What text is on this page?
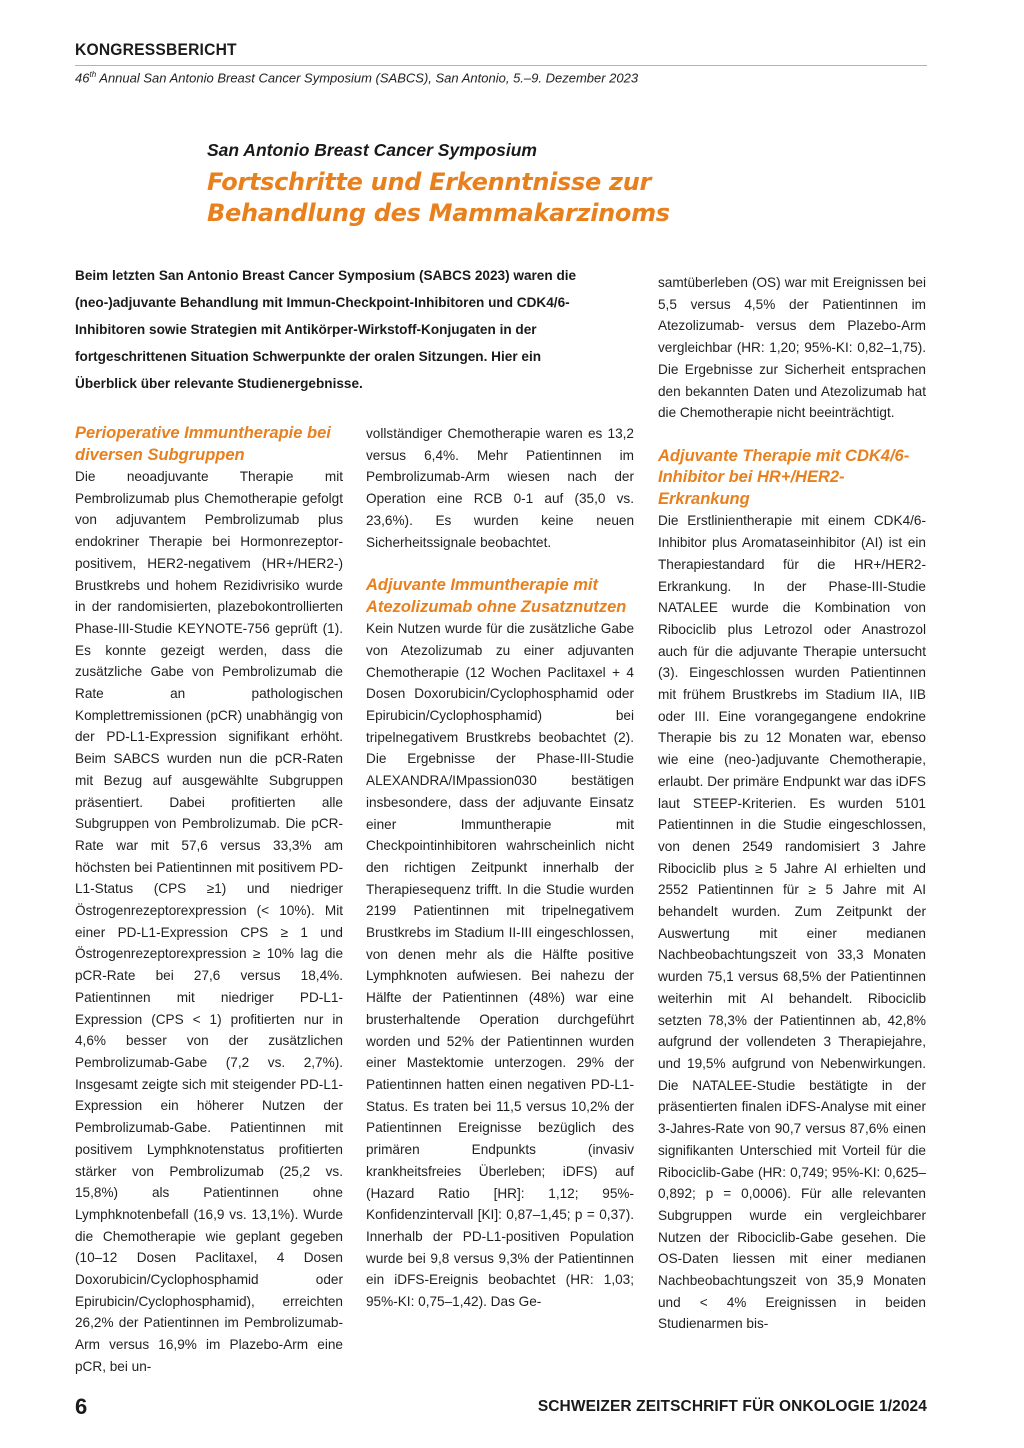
KONGRESSBERICHT
46th Annual San Antonio Breast Cancer Symposium (SABCS), San Antonio, 5.–9. Dezember 2023
San Antonio Breast Cancer Symposium
Fortschritte und Erkenntnisse zur Behandlung des Mammakarzinoms
Beim letzten San Antonio Breast Cancer Symposium (SABCS 2023) waren die (neo-)adjuvante Behandlung mit Immun-Checkpoint-Inhibitoren und CDK4/6-Inhibitoren sowie Strategien mit Antikörper-Wirkstoff-Konjugaten in der fortgeschrittenen Situation Schwerpunkte der oralen Sitzungen. Hier ein Überblick über relevante Studienergebnisse.
Perioperative Immuntherapie bei diversen Subgruppen

Die neoadjuvante Therapie mit Pembrolizumab plus Chemotherapie gefolgt von adjuvantem Pembrolizumab plus endokriner Therapie bei Hormonrezeptor-positivem, HER2-negativem (HR+/HER2-) Brustkrebs und hohem Rezidivrisiko wurde in der randomisierten, plazebokontrollierten Phase-III-Studie KEYNOTE-756 geprüft (1). Es konnte gezeigt werden, dass die zusätzliche Gabe von Pembrolizumab die Rate an pathologischen Komplettremissionen (pCR) unabhängig von der PD-L1-Expression signifikant erhöht. Beim SABCS wurden nun die pCR-Raten mit Bezug auf ausgewählte Subgruppen präsentiert. Dabei profitierten alle Subgruppen von Pembrolizumab. Die pCR-Rate war mit 57,6 versus 33,3% am höchsten bei Patientinnen mit positivem PD-L1-Status (CPS ≥1) und niedriger Östrogenrezeptorexpression (< 10%). Mit einer PD-L1-Expression CPS ≥ 1 und Östrogenrezeptorexpression ≥ 10% lag die pCR-Rate bei 27,6 versus 18,4%. Patientinnen mit niedriger PD-L1-Expression (CPS < 1) profitierten nur in 4,6% besser von der zusätzlichen Pembrolizumab-Gabe (7,2 vs. 2,7%). Insgesamt zeigte sich mit steigender PD-L1-Expression ein höherer Nutzen der Pembrolizumab-Gabe. Patientinnen mit positivem Lymphknotenstatus profitierten stärker von Pembrolizumab (25,2 vs. 15,8%) als Patientinnen ohne Lymphknotenbefall (16,9 vs. 13,1%). Wurde die Chemotherapie wie geplant gegeben (10–12 Dosen Paclitaxel, 4 Dosen Doxorubicin/Cyclophosphamid oder Epirubicin/Cyclophosphamid), erreichten 26,2% der Patientinnen im Pembrolizumab-Arm versus 16,9% im Plazebo-Arm eine pCR, bei un-

vollständiger Chemotherapie waren es 13,2 versus 6,4%. Mehr Patientinnen im Pembrolizumab-Arm wiesen nach der Operation eine RCB 0-1 auf (35,0 vs. 23,6%). Es wurden keine neuen Sicherheitssignale beobachtet.

Adjuvante Immuntherapie mit Atezolizumab ohne Zusatznutzen

Kein Nutzen wurde für die zusätzliche Gabe von Atezolizumab zu einer adjuvanten Chemotherapie (12 Wochen Paclitaxel + 4 Dosen Doxorubicin/Cyclophosphamid oder Epirubicin/Cyclophosphamid) bei tripelnegativem Brustkrebs beobachtet (2). Die Ergebnisse der Phase-III-Studie ALEXANDRA/IMpassion030 bestätigen insbesondere, dass der adjuvante Einsatz einer Immuntherapie mit Checkpointinhibitoren wahrscheinlich nicht den richtigen Zeitpunkt innerhalb der Therapiesequenz trifft. In die Studie wurden 2199 Patientinnen mit tripelnegativem Brustkrebs im Stadium II-III eingeschlossen, von denen mehr als die Hälfte positive Lymphknoten aufwiesen. Bei nahezu der Hälfte der Patientinnen (48%) war eine brusterhaltende Operation durchgeführt worden und 52% der Patientinnen wurden einer Mastektomie unterzogen. 29% der Patientinnen hatten einen negativen PD-L1-Status. Es traten bei 11,5 versus 10,2% der Patientinnen Ereignisse bezüglich des primären Endpunkts (invasiv krankheitsfreies Überleben; iDFS) auf (Hazard Ratio [HR]: 1,12; 95%-Konfidenzintervall [KI]: 0,87–1,45; p = 0,37). Innerhalb der PD-L1-positiven Population wurde bei 9,8 versus 9,3% der Patientinnen ein iDFS-Ereignis beobachtet (HR: 1,03; 95%-KI: 0,75–1,42). Das Ge-

samtüberleben (OS) war mit Ereignissen bei 5,5 versus 4,5% der Patientinnen im Atezolizumab- versus dem Plazebo-Arm vergleichbar (HR: 1,20; 95%-KI: 0,82–1,75). Die Ergebnisse zur Sicherheit entsprachen den bekannten Daten und Atezolizumab hat die Chemotherapie nicht beeinträchtigt.

Adjuvante Therapie mit CDK4/6-Inhibitor bei HR+/HER2- Erkrankung

Die Erstlinientherapie mit einem CDK4/6-Inhibitor plus Aromataseinhibitor (AI) ist ein Therapiestandard für die HR+/HER2-Erkrankung. In der Phase-III-Studie NATALEE wurde die Kombination von Ribociclib plus Letrozol oder Anastrozol auch für die adjuvante Therapie untersucht (3). Eingeschlossen wurden Patientinnen mit frühem Brustkrebs im Stadium IIA, IIB oder III. Eine vorangegangene endokrine Therapie bis zu 12 Monaten war, ebenso wie eine (neo-)adjuvante Chemotherapie, erlaubt. Der primäre Endpunkt war das iDFS laut STEEP-Kriterien. Es wurden 5101 Patientinnen in die Studie eingeschlossen, von denen 2549 randomisiert 3 Jahre Ribociclib plus ≥ 5 Jahre AI erhielten und 2552 Patientinnen für ≥ 5 Jahre mit AI behandelt wurden. Zum Zeitpunkt der Auswertung mit einer medianen Nachbeobachtungszeit von 33,3 Monaten wurden 75,1 versus 68,5% der Patientinnen weiterhin mit AI behandelt. Ribociclib setzten 78,3% der Patientinnen ab, 42,8% aufgrund der vollendeten 3 Therapiejahre, und 19,5% aufgrund von Nebenwirkungen. Die NATALEE-Studie bestätigte in der präsentierten finalen iDFS-Analyse mit einer 3-Jahres-Rate von 90,7 versus 87,6% einen signifikanten Unterschied mit Vorteil für die Ribociclib-Gabe (HR: 0,749; 95%-KI: 0,625–0,892; p = 0,0006). Für alle relevanten Subgruppen wurde ein vergleichbarer Nutzen der Ribociclib-Gabe gesehen. Die OS-Daten liessen mit einer medianen Nachbeobachtungszeit von 35,9 Monaten und < 4% Ereignissen in beiden Studienarmen bis-

6	SCHWEIZER ZEITSCHRIFT FÜR ONKOLOGIE 1/2024
